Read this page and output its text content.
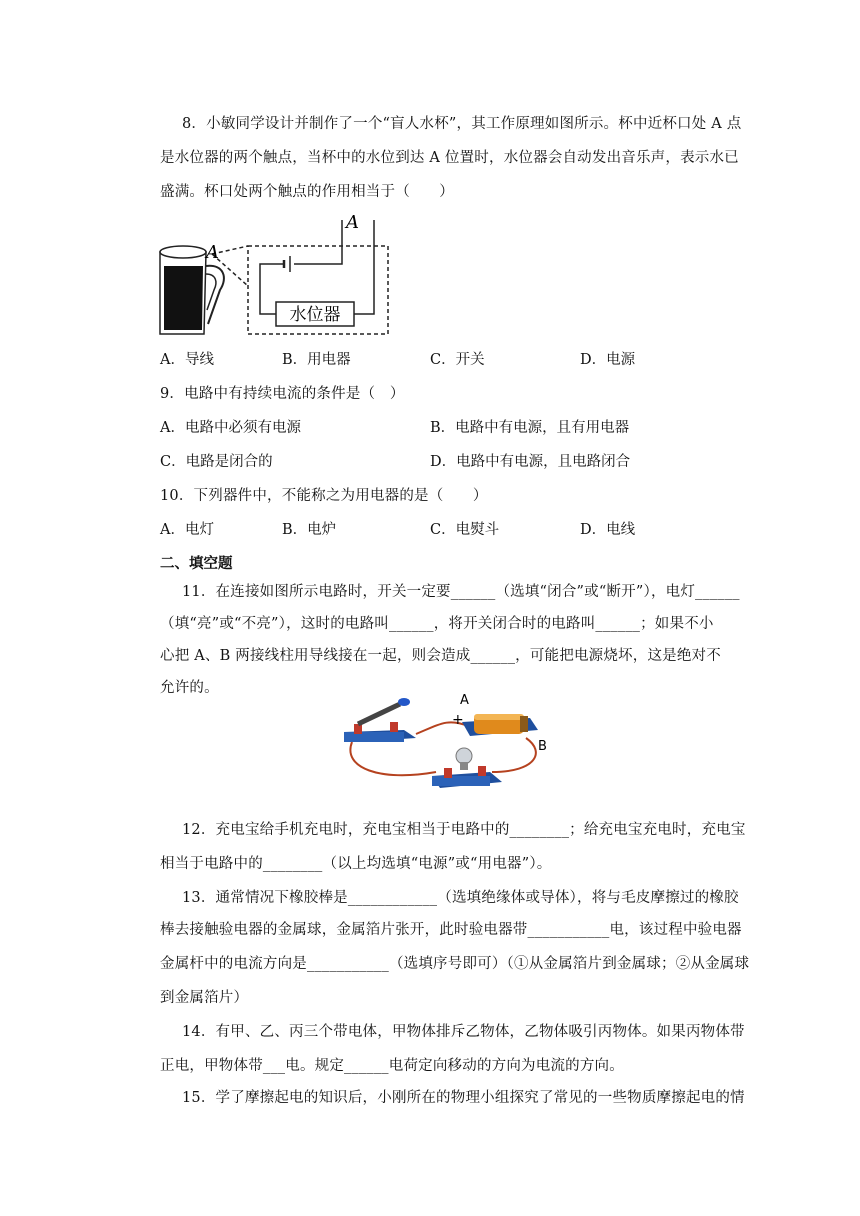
8．小敏同学设计并制作了一个“盲人水杯”，其工作原理如图所示。杯中近杯口处 A 点
是水位器的两个触点，当杯中的水位到达 A 位置时，水位器会自动发出音乐声，表示水已
盛满。杯口处两个触点的作用相当于（　　）
水位器
A
A
A．导线	B．用电器	C．开关	D．电源
9．电路中有持续电流的条件是（　）
A．电路中必须有电源	B．电路中有电源，且有用电器
C．电路是闭合的	D．电路中有电源，且电路闭合
10．下列器件中，不能称之为用电器的是（　　）
A．电灯	B．电炉	C．电熨斗	D．电线
二、填空题
11．在连接如图所示电路时，开关一定要______（选填“闭合”或“断开”），电灯______
（填“亮”或“不亮”），这时的电路叫______，将开关闭合时的电路叫______；如果不小
心把 A、B 两接线柱用导线接在一起，则会造成______，可能把电源烧坏，这是绝对不
允许的。
A
+
B
12．充电宝给手机充电时，充电宝相当于电路中的________；给充电宝充电时，充电宝
相当于电路中的________（以上均选填“电源”或“用电器”）。
13．通常情况下橡胶棒是____________（选填绝缘体或导体），将与毛皮摩擦过的橡胶
棒去接触验电器的金属球，金属箔片张开，此时验电器带___________电，该过程中验电器
金属杆中的电流方向是___________（选填序号即可）（①从金属箔片到金属球；②从金属球
到金属箔片）
14．有甲、乙、丙三个带电体，甲物体排斥乙物体，乙物体吸引丙物体。如果丙物体带
正电，甲物体带___电。规定______电荷定向移动的方向为电流的方向。
15．学了摩擦起电的知识后，小刚所在的物理小组探究了常见的一些物质摩擦起电的情
